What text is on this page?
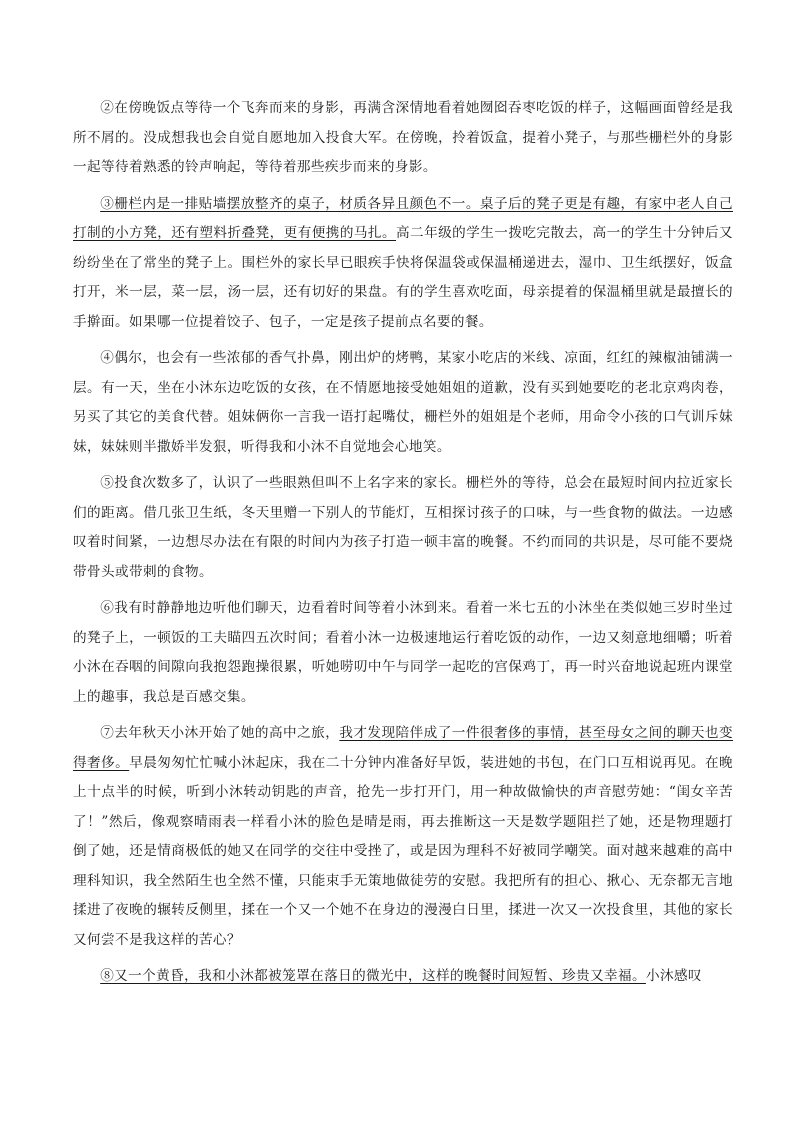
②在傍晚饭点等待一个飞奔而来的身影，再满含深情地看着她囫囵吞枣吃饭的样子，这幅画面曾经是我所不屑的。没成想我也会自觉自愿地加入投食大军。在傍晚，拎着饭盒，提着小凳子，与那些栅栏外的身影一起等待着熟悉的铃声响起，等待着那些疾步而来的身影。

③栅栏内是一排贴墙摆放整齐的桌子，材质各异且颜色不一。桌子后的凳子更是有趣，有家中老人自己打制的小方凳，还有塑料折叠凳，更有便携的马扎。高二年级的学生一拨吃完散去，高一的学生十分钟后又纷纷坐在了常坐的凳子上。围栏外的家长早已眼疾手快将保温袋或保温桶递进去，湿巾、卫生纸摆好，饭盒打开，米一层，菜一层，汤一层，还有切好的果盘。有的学生喜欢吃面，母亲提着的保温桶里就是最擅长的手擀面。如果哪一位提着饺子、包子，一定是孩子提前点名要的餐。

④偶尔，也会有一些浓郁的香气扑鼻，刚出炉的烤鸭，某家小吃店的米线、凉面，红红的辣椒油铺满一层。有一天，坐在小沐东边吃饭的女孩，在不情愿地接受她姐姐的道歉，没有买到她要吃的老北京鸡肉卷，另买了其它的美食代替。姐妹俩你一言我一语打起嘴仗，栅栏外的姐姐是个老师，用命令小孩的口气训斥妹妹，妹妹则半撒娇半发狠，听得我和小沐不自觉地会心地笑。

⑤投食次数多了，认识了一些眼熟但叫不上名字来的家长。栅栏外的等待，总会在最短时间内拉近家长们的距离。借几张卫生纸，冬天里赠一下别人的节能灯，互相探讨孩子的口味，与一些食物的做法。一边感叹着时间紧，一边想尽办法在有限的时间内为孩子打造一顿丰富的晚餐。不约而同的共识是，尽可能不要烧带骨头或带刺的食物。

⑥我有时静静地边听他们聊天，边看着时间等着小沐到来。看着一米七五的小沐坐在类似她三岁时坐过的凳子上，一顿饭的工夫瞄四五次时间；看着小沐一边极速地运行着吃饭的动作，一边又刻意地细嚼；听着小沐在吞咽的间隙向我抱怨跑操很累，听她唠叨中午与同学一起吃的宫保鸡丁，再一时兴奋地说起班内课堂上的趣事，我总是百感交集。

⑦去年秋天小沐开始了她的高中之旅，我才发现陪伴成了一件很奢侈的事情，甚至母女之间的聊天也变得奢侈。早晨匆匆忙忙喊小沐起床，我在二十分钟内准备好早饭，装进她的书包，在门口互相说再见。在晚上十点半的时候，听到小沐转动钥匙的声音，抢先一步打开门，用一种故做愉快的声音慰劳她：“闺女辛苦了！”然后，像观察晴雨表一样看小沐的脸色是晴是雨，再去推断这一天是数学题阻拦了她，还是物理题打倒了她，还是情商极低的她又在同学的交往中受挫了，或是因为理科不好被同学嘲笑。面对越来越难的高中理科知识，我全然陌生也全然不懂，只能束手无策地做徒劳的安慰。我把所有的担心、揪心、无奈都无言地揉进了夜晚的辗转反侧里，揉在一个又一个她不在身边的漫漫白日里，揉进一次又一次投食里，其他的家长又何尝不是我这样的苦心？

⑧又一个黄昏，我和小沐都被笼罩在落日的微光中，这样的晚餐时间短暂、珍贵又幸福。小沐感叹
